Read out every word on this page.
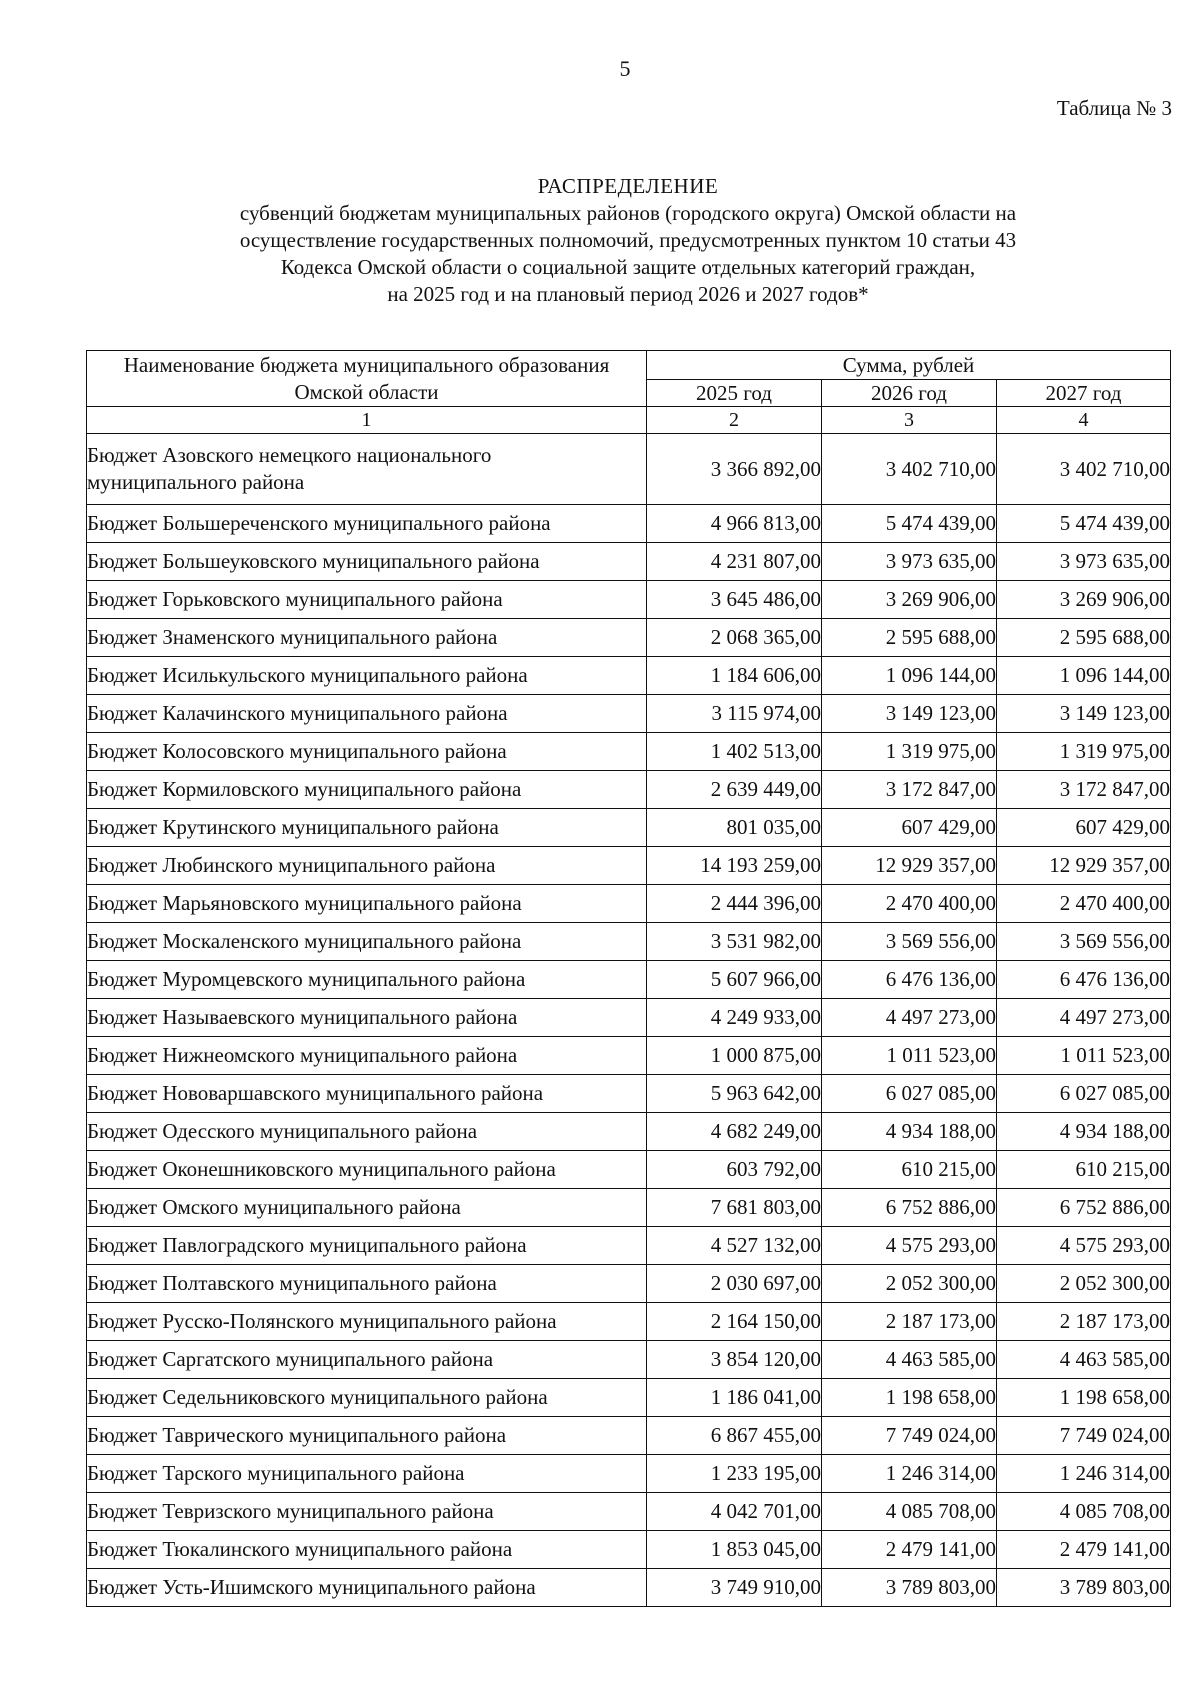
5
Таблица № 3
РАСПРЕДЕЛЕНИЕ
субвенций бюджетам муниципальных районов (городского округа) Омской области на
осуществление государственных полномочий, предусмотренных пунктом 10 статьи 43
Кодекса Омской области о социальной защите отдельных категорий граждан,
на 2025 год и на плановый период 2026 и 2027 годов*
Наименование бюджета муниципального образования Омской области	Сумма, рублей		
	2025 год	2026 год	2027 год
1	2	3	4
Бюджет Азовского немецкого национального муниципального района	3 366 892,00	3 402 710,00	3 402 710,00
Бюджет Большереченского муниципального района	4 966 813,00	5 474 439,00	5 474 439,00
Бюджет Большеуковского муниципального района	4 231 807,00	3 973 635,00	3 973 635,00
Бюджет Горьковского муниципального района	3 645 486,00	3 269 906,00	3 269 906,00
Бюджет Знаменского муниципального района	2 068 365,00	2 595 688,00	2 595 688,00
Бюджет Исилькульского муниципального района	1 184 606,00	1 096 144,00	1 096 144,00
Бюджет Калачинского муниципального района	3 115 974,00	3 149 123,00	3 149 123,00
Бюджет Колосовского муниципального района	1 402 513,00	1 319 975,00	1 319 975,00
Бюджет Кормиловского муниципального района	2 639 449,00	3 172 847,00	3 172 847,00
Бюджет Крутинского муниципального района	801 035,00	607 429,00	607 429,00
Бюджет Любинского муниципального района	14 193 259,00	12 929 357,00	12 929 357,00
Бюджет Марьяновского муниципального района	2 444 396,00	2 470 400,00	2 470 400,00
Бюджет Москаленского муниципального района	3 531 982,00	3 569 556,00	3 569 556,00
Бюджет Муромцевского муниципального района	5 607 966,00	6 476 136,00	6 476 136,00
Бюджет Называевского муниципального района	4 249 933,00	4 497 273,00	4 497 273,00
Бюджет Нижнеомского муниципального района	1 000 875,00	1 011 523,00	1 011 523,00
Бюджет Нововаршавского муниципального района	5 963 642,00	6 027 085,00	6 027 085,00
Бюджет Одесского муниципального района	4 682 249,00	4 934 188,00	4 934 188,00
Бюджет Оконешниковского муниципального района	603 792,00	610 215,00	610 215,00
Бюджет Омского муниципального района	7 681 803,00	6 752 886,00	6 752 886,00
Бюджет Павлоградского муниципального района	4 527 132,00	4 575 293,00	4 575 293,00
Бюджет Полтавского муниципального района	2 030 697,00	2 052 300,00	2 052 300,00
Бюджет Русско-Полянского муниципального района	2 164 150,00	2 187 173,00	2 187 173,00
Бюджет Саргатского муниципального района	3 854 120,00	4 463 585,00	4 463 585,00
Бюджет Седельниковского муниципального района	1 186 041,00	1 198 658,00	1 198 658,00
Бюджет Таврического муниципального района	6 867 455,00	7 749 024,00	7 749 024,00
Бюджет Тарского муниципального района	1 233 195,00	1 246 314,00	1 246 314,00
Бюджет Тевризского муниципального района	4 042 701,00	4 085 708,00	4 085 708,00
Бюджет Тюкалинского муниципального района	1 853 045,00	2 479 141,00	2 479 141,00
Бюджет Усть-Ишимского муниципального района	3 749 910,00	3 789 803,00	3 789 803,00
